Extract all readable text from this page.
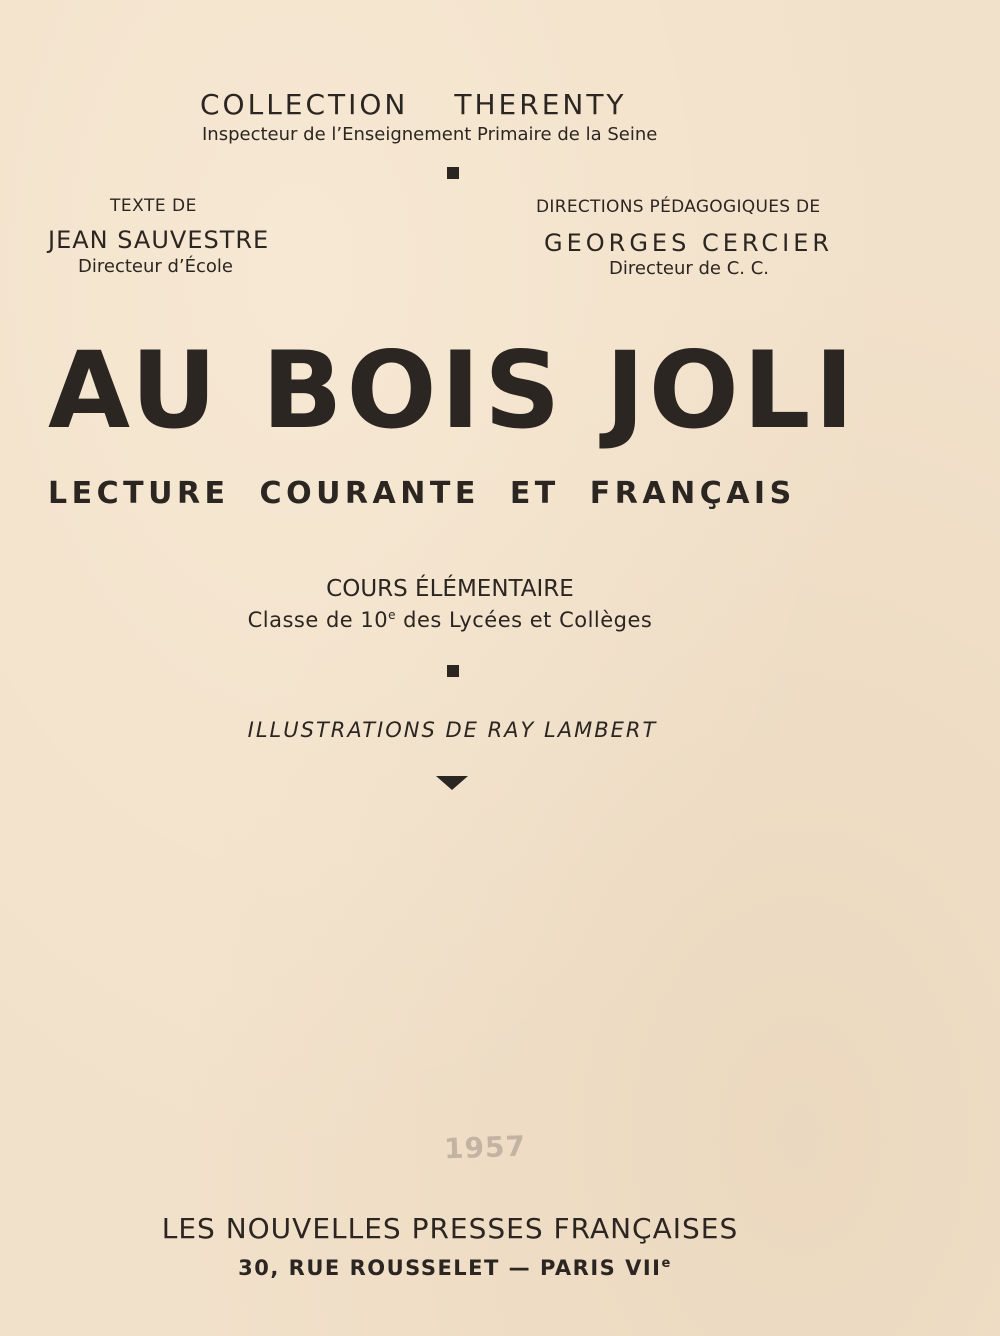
COLLECTION THERENTY
Inspecteur de l’Enseignement Primaire de la Seine
TEXTE DE
JEAN SAUVESTRE
Directeur d’École
DIRECTIONS PÉDAGOGIQUES DE
GEORGES CERCIER
Directeur de C. C.
AU BOIS JOLI
LECTURE COURANTE ET FRANÇAIS
COURS ÉLÉMENTAIRE
Classe de 10e des Lycées et Collèges
ILLUSTRATIONS DE RAY LAMBERT
1957
LES NOUVELLES PRESSES FRANÇAISES
30, RUE ROUSSELET — PARIS VIIe
